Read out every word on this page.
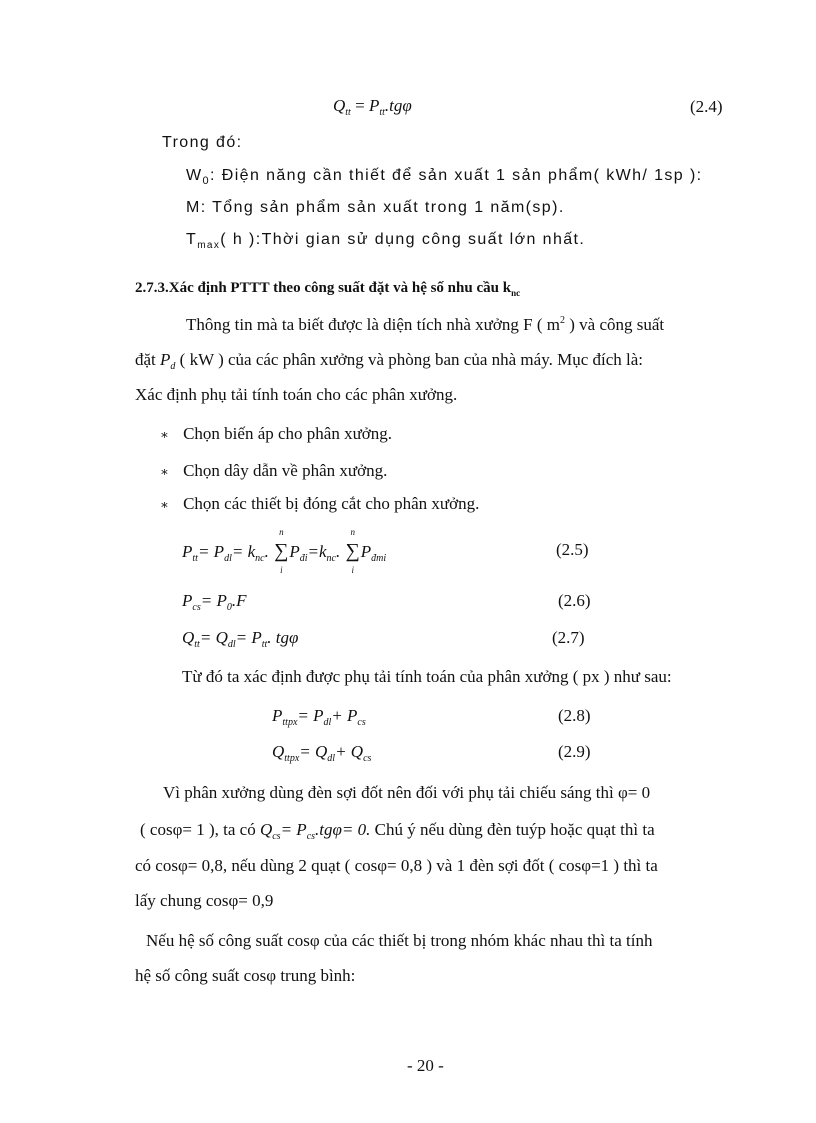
$Q_{tt} = P_{tt}.tg\varphi$	(2.4)
Trong đó:
$W_0$: Điện năng cần thiết để sản xuất 1 sản phẩm( kWh/ 1sp ):
M: Tổng sản phẩm sản xuất trong 1 năm(sp).
$T_{max}$( h ):Thời gian sử dụng công suất lớn nhất.
2.7.3.Xác định PTTT theo công suất đặt và hệ số nhu cầu $k_{nc}$
Thông tin mà ta biết được là diện tích nhà xưởng F ( $m^2$ ) và công suất
đặt $P_d$ ( kW ) của các phân xưởng và phòng ban của nhà máy. Mục đích là:
Xác định phụ tải tính toán cho các phân xưởng.
∗ Chọn biến áp cho phân xưởng.
∗ Chọn dây dẫn về phân xưởng.
∗ Chọn các thiết bị đóng cắt cho phân xưởng.
$P_{tt}= P_{dl}= k_{nc}$. ∑
n
i
$P_{đi}=k_{nc}$. ∑
n
i
$P_{đmi}$	(2.5)
$P_{cs}= P_0.F$	(2.6)
$Q_{tt}= Q_{dl}= P_{tt}$. tgφ	(2.7)
Từ đó ta xác định được phụ tải tính toán của phân xưởng ( px ) như sau:
$P_{ttpx}= P_{dl}+ P_{cs}$	(2.8)
$Q_{ttpx}= Q_{dl}+ Q_{cs}$	(2.9)
Vì phân xưởng dùng đèn sợi đốt nên đối với phụ tải chiếu sáng thì φ= 0
( cosφ= 1 ), ta có $Q_{cs}= P_{cs}.tg\varphi= 0$. Chú ý nếu dùng đèn tuýp hoặc quạt thì ta
có cosφ= 0,8, nếu dùng 2 quạt ( cosφ= 0,8 ) và 1 đèn sợi đốt ( cosφ=1 ) thì ta
lấy chung cosφ= 0,9
Nếu hệ số công suất cosφ của các thiết bị trong nhóm khác nhau thì ta tính
hệ số công suất cosφ trung bình:
- 20 -
